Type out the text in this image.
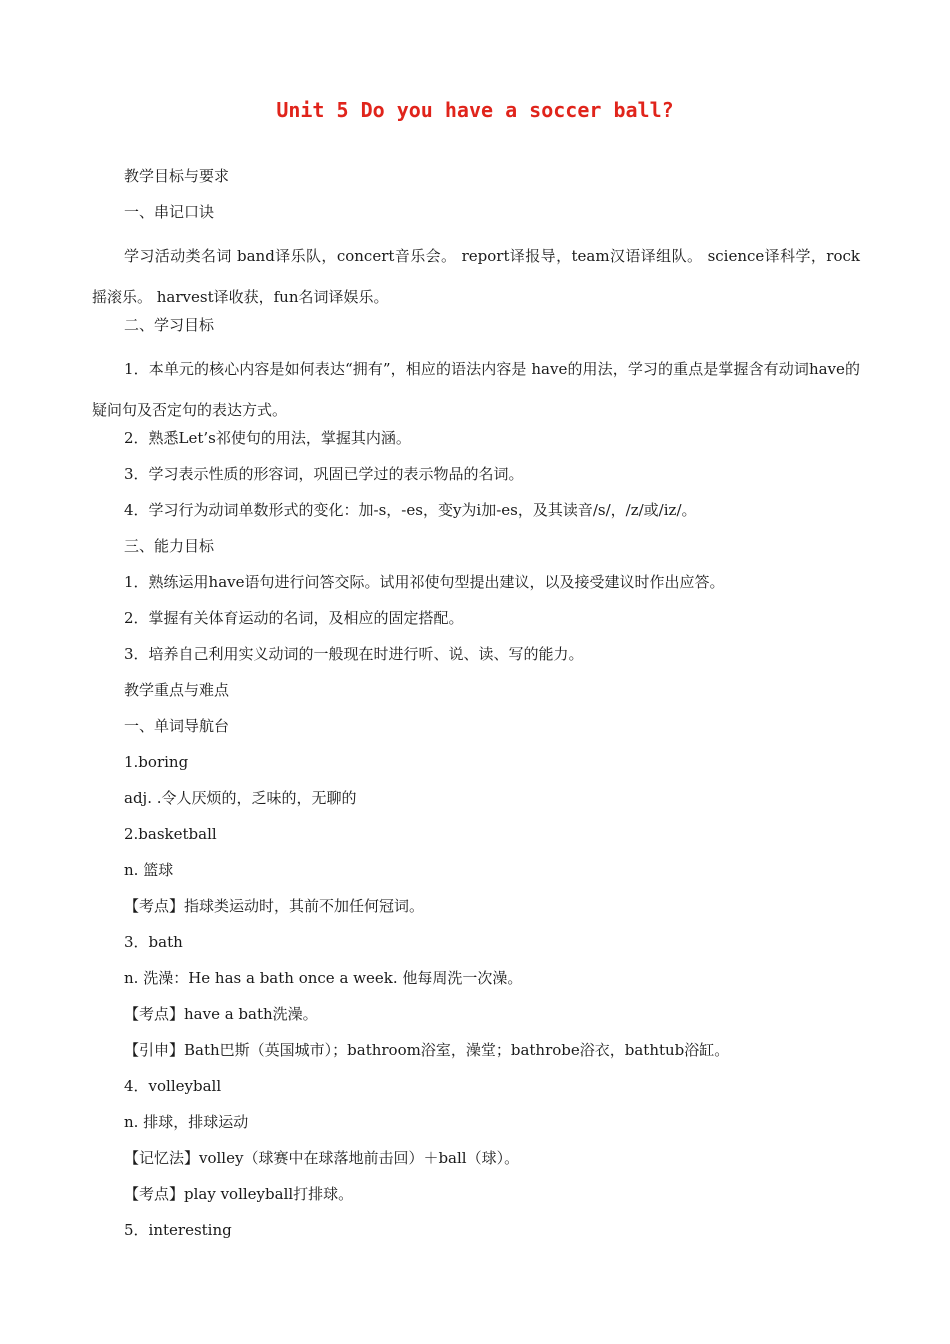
Unit 5 Do you have a soccer ball?

教学目标与要求

一、串记口诀

学习活动类名词 band译乐队，concert音乐会。 report译报导，team汉语译组队。 science译科学，rock摇滚乐。 harvest译收获，fun名词译娱乐。

二、学习目标

1．本单元的核心内容是如何表达“拥有”，相应的语法内容是 have的用法，学习的重点是掌握含有动词have的疑问句及否定句的表达方式。

2．熟悉Let’s祁使句的用法，掌握其内涵。

3．学习表示性质的形容词，巩固已学过的表示物品的名词。

4．学习行为动词单数形式的变化：加-s，-es，变y为i加-es，及其读音/s/，/z/或/iz/。

三、能力目标

1．熟练运用have语句进行问答交际。试用祁使句型提出建议，以及接受建议时作出应答。

2．掌握有关体育运动的名词，及相应的固定搭配。

3．培养自己利用实义动词的一般现在时进行听、说、读、写的能力。

教学重点与难点

一、单词导航台

1.boring

adj. .令人厌烦的，乏味的，无聊的

2.basketball

n. 篮球

【考点】指球类运动时，其前不加任何冠词。

3．bath

n. 洗澡：He has a bath once a week. 他每周洗一次澡。

【考点】have a bath洗澡。

【引申】Bath巴斯（英国城市）；bathroom浴室，澡堂；bathrobe浴衣，bathtub浴缸。

4．volleyball

n. 排球，排球运动

【记忆法】volley（球赛中在球落地前击回）＋ball（球）。

【考点】play volleyball打排球。

5．interesting
